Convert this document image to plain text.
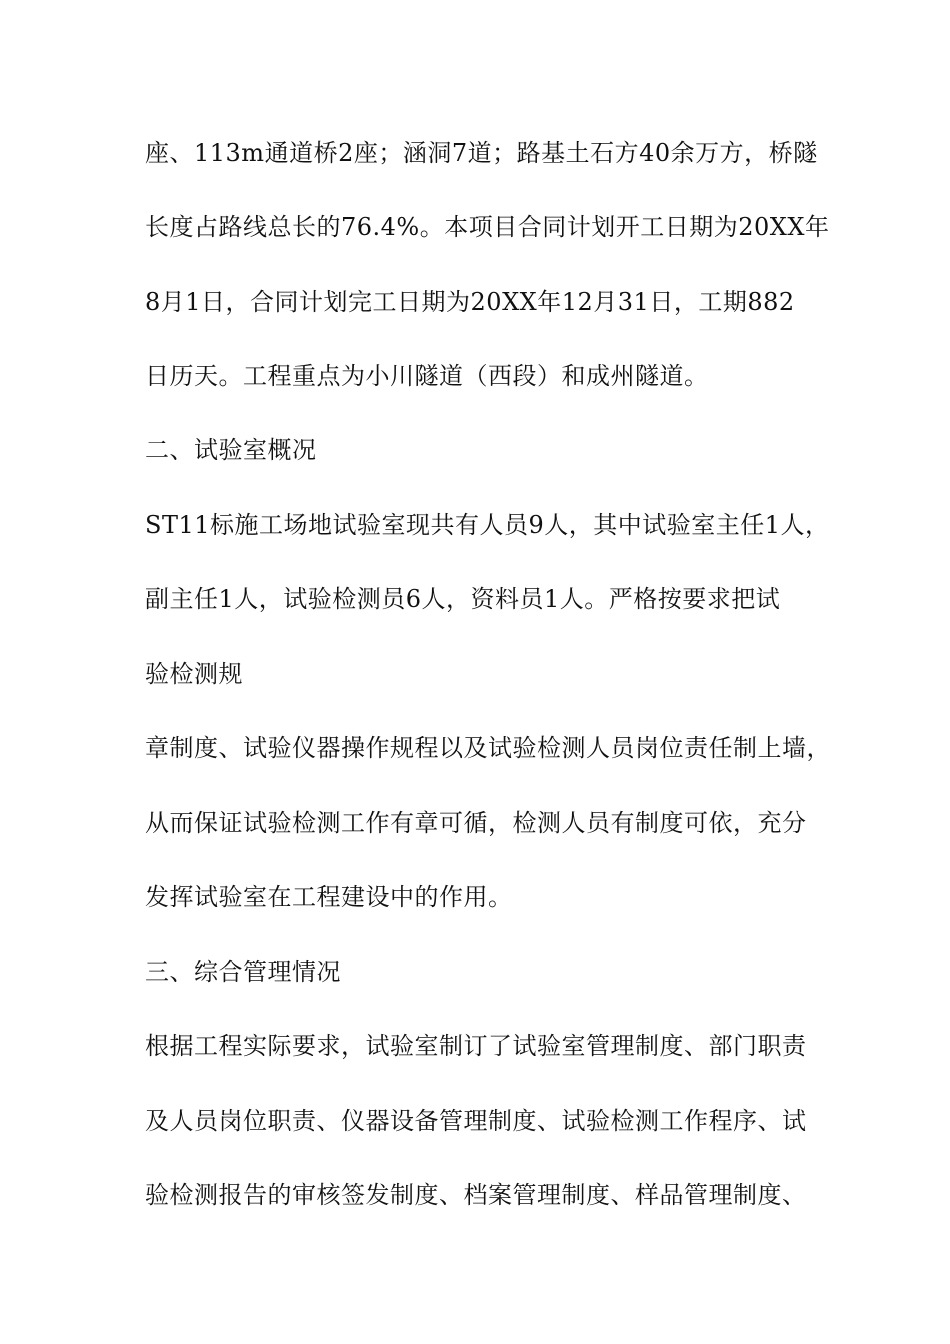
座、113m通道桥2座；涵洞7道；路基土石方40余万方，桥隧
长度占路线总长的76.4%。本项目合同计划开工日期为20XX年
8月1日，合同计划完工日期为20XX年12月31日，工期882
日历天。工程重点为小川隧道（西段）和成州隧道。
二、试验室概况
ST11标施工场地试验室现共有人员9人，其中试验室主任1人，
副主任1人，试验检测员6人，资料员1人。严格按要求把试
验检测规
章制度、试验仪器操作规程以及试验检测人员岗位责任制上墙，
从而保证试验检测工作有章可循，检测人员有制度可依，充分
发挥试验室在工程建设中的作用。
三、综合管理情况
根据工程实际要求，试验室制订了试验室管理制度、部门职责
及人员岗位职责、仪器设备管理制度、试验检测工作程序、试
验检测报告的审核签发制度、档案管理制度、样品管理制度、
